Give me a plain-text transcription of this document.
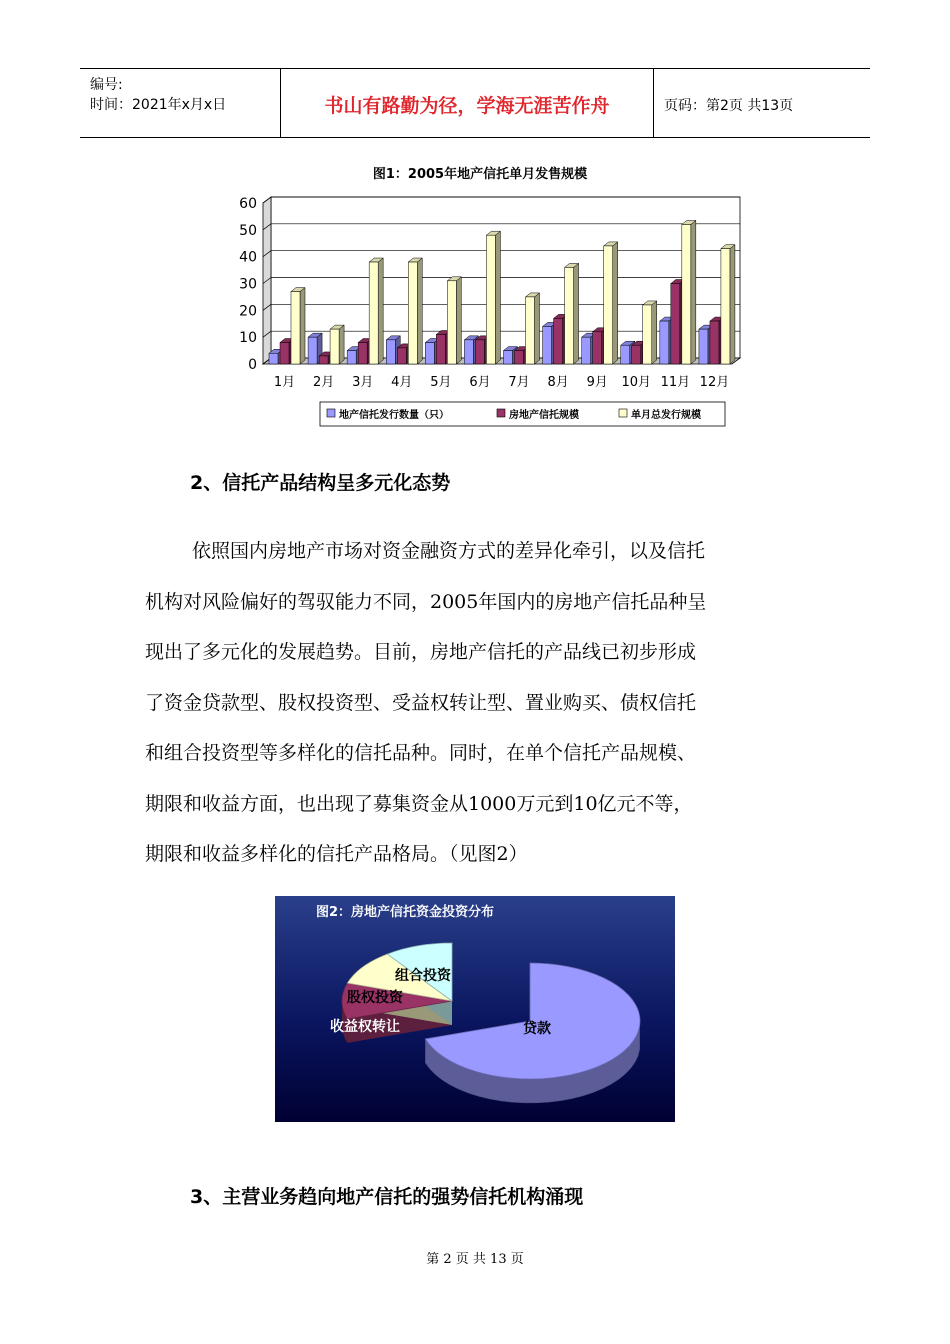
编号:
时间：2021年x月x日	书山有路勤为径，学海无涯苦作舟	页码：第2页 共13页
图1：2005年地产信托单月发售规模
0
10
20
30
40
50
60
1月 2月 3月 4月 5月 6月 7月 8月 9月 10月 11月 12月
地产信托发行数量（只）	房地产信托规模	单月总发行规模
2、信托产品结构呈多元化态势
依照国内房地产市场对资金融资方式的差异化牵引，以及信托
机构对风险偏好的驾驭能力不同，2005年国内的房地产信托品种呈
现出了多元化的发展趋势。目前，房地产信托的产品线已初步形成
了资金贷款型、股权投资型、受益权转让型、置业购买、债权信托
和组合投资型等多样化的信托品种。同时，在单个信托产品规模、
期限和收益方面，也出现了募集资金从1000万元到10亿元不等，
期限和收益多样化的信托产品格局。（见图2）
图2：房地产信托资金投资分布
贷款
收益权转让
股权投资
组合投资
3、主营业务趋向地产信托的强势信托机构涌现
第 2 页 共 13 页
